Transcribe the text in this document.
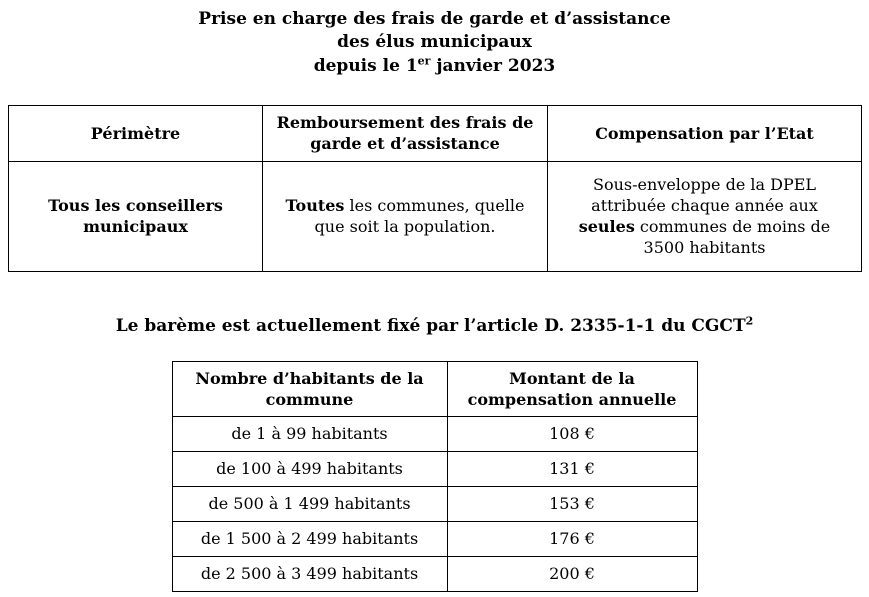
Prise en charge des frais de garde et d’assistance
des élus municipaux
depuis le 1er janvier 2023
Périmètre	Remboursement des frais de garde et d’assistance	Compensation par l’Etat
Tous les conseillers municipaux	Toutes les communes, quelle que soit la population.	Sous-enveloppe de la DPEL attribuée chaque année aux seules communes de moins de 3500 habitants
Le barème est actuellement fixé par l’article D. 2335-1-1 du CGCT$^2$
Nombre d’habitants de la commune	Montant de la compensation annuelle
de 1 à 99 habitants	108 €
de 100 à 499 habitants	131 €
de 500 à 1 499 habitants	153 €
de 1 500 à 2 499 habitants	176 €
de 2 500 à 3 499 habitants	200 €
